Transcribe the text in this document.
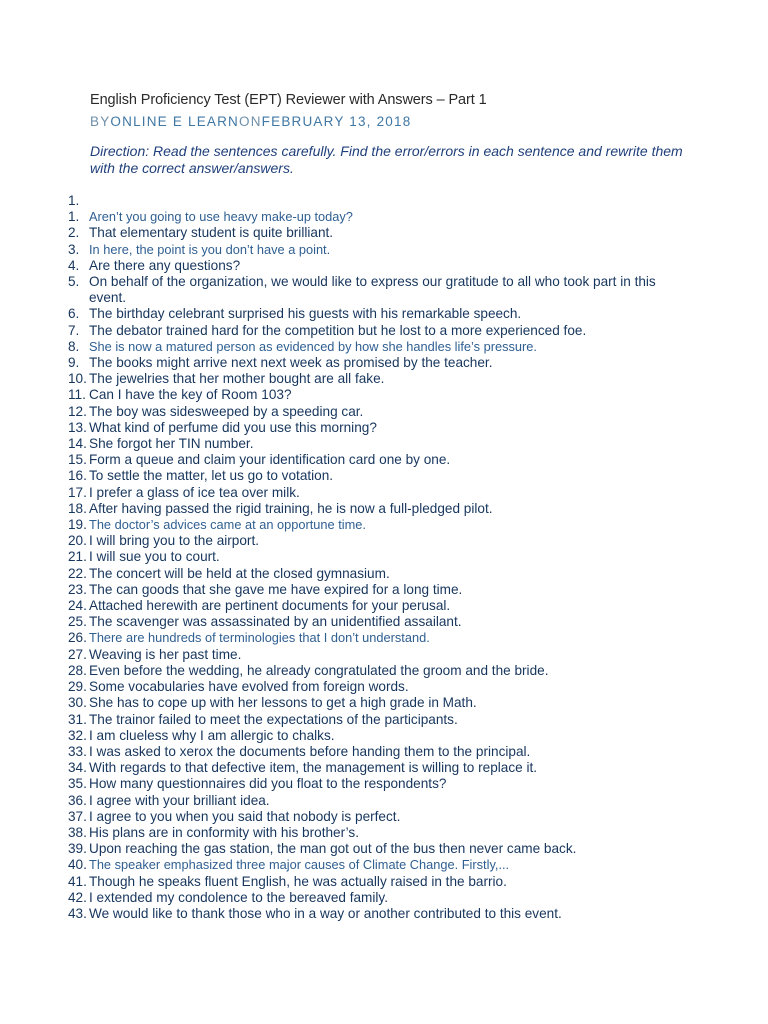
English Proficiency Test (EPT) Reviewer with Answers – Part 1
BYONLINE E LEARNONFEBRUARY 13, 2018
Direction: Read the sentences carefully. Find the error/errors in each sentence and rewrite them with the correct answer/answers.
1.
1. Aren’t you going to use heavy make-up today?
2. That elementary student is quite brilliant.
3. In here, the point is you don’t have a point.
4. Are there any questions?
5. On behalf of the organization, we would like to express our gratitude to all who took part in this event.
6. The birthday celebrant surprised his guests with his remarkable speech.
7. The debator trained hard for the competition but he lost to a more experienced foe.
8. She is now a matured person as evidenced by how she handles life’s pressure.
9. The books might arrive next next week as promised by the teacher.
10. The jewelries that her mother bought are all fake.
11. Can I have the key of Room 103?
12. The boy was sidesweeped by a speeding car.
13. What kind of perfume did you use this morning?
14. She forgot her TIN number.
15. Form a queue and claim your identification card one by one.
16. To settle the matter, let us go to votation.
17. I prefer a glass of ice tea over milk.
18. After having passed the rigid training, he is now a full-pledged pilot.
19. The doctor’s advices came at an opportune time.
20. I will bring you to the airport.
21. I will sue you to court.
22. The concert will be held at the closed gymnasium.
23. The can goods that she gave me have expired for a long time.
24. Attached herewith are pertinent documents for your perusal.
25. The scavenger was assassinated by an unidentified assailant.
26. There are hundreds of terminologies that I don’t understand.
27. Weaving is her past time.
28. Even before the wedding, he already congratulated the groom and the bride.
29. Some vocabularies have evolved from foreign words.
30. She has to cope up with her lessons to get a high grade in Math.
31. The trainor failed to meet the expectations of the participants.
32. I am clueless why I am allergic to chalks.
33. I was asked to xerox the documents before handing them to the principal.
34. With regards to that defective item, the management is willing to replace it.
35. How many questionnaires did you float to the respondents?
36. I agree with your brilliant idea.
37. I agree to you when you said that nobody is perfect.
38. His plans are in conformity with his brother’s.
39. Upon reaching the gas station, the man got out of the bus then never came back.
40. The speaker emphasized three major causes of Climate Change. Firstly,...
41. Though he speaks fluent English, he was actually raised in the barrio.
42. I extended my condolence to the bereaved family.
43. We would like to thank those who in a way or another contributed to this event.
